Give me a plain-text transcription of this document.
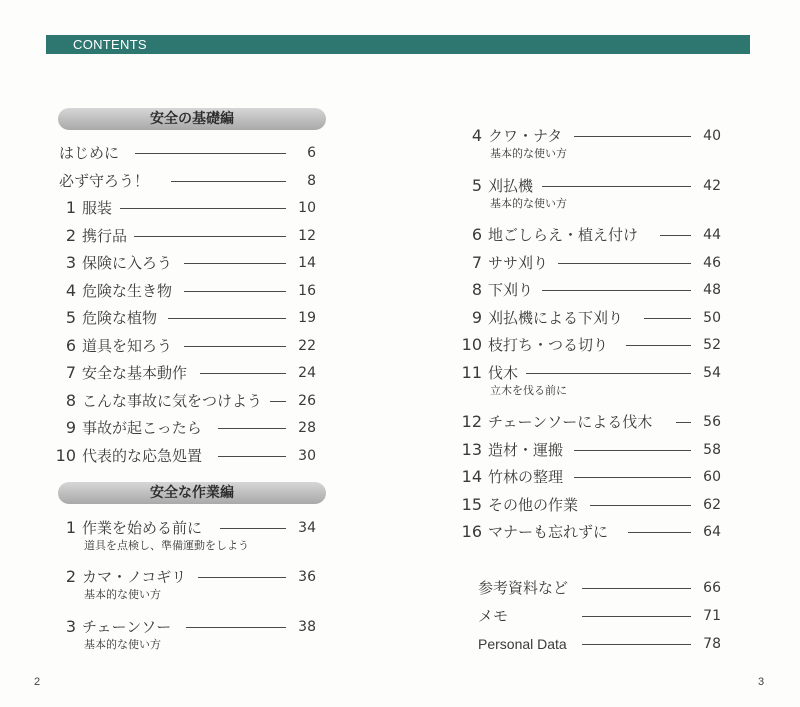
CONTENTS
安全の基礎編
はじめに	6
必ず守ろう！	8
1 服装	10
2 携行品	12
3 保険に入ろう	14
4 危険な生き物	16
5 危険な植物	19
6 道具を知ろう	22
7 安全な基本動作	24
8 こんな事故に気をつけよう	26
9 事故が起こったら	28
10 代表的な応急処置	30
安全な作業編
1 作業を始める前に	34
道具を点検し、準備運動をしよう
2 カマ・ノコギリ	36
基本的な使い方
3 チェーンソー	38
基本的な使い方
2
4 クワ・ナタ	40
基本的な使い方
5 刈払機	42
基本的な使い方
6 地ごしらえ・植え付け	44
7 ササ刈り	46
8 下刈り	48
9 刈払機による下刈り	50
10 枝打ち・つる切り	52
11 伐木	54
立木を伐る前に
12 チェーンソーによる伐木	56
13 造材・運搬	58
14 竹林の整理	60
15 その他の作業	62
16 マナーも忘れずに	64
参考資料など	66
メモ	71
Personal Data	78
3
